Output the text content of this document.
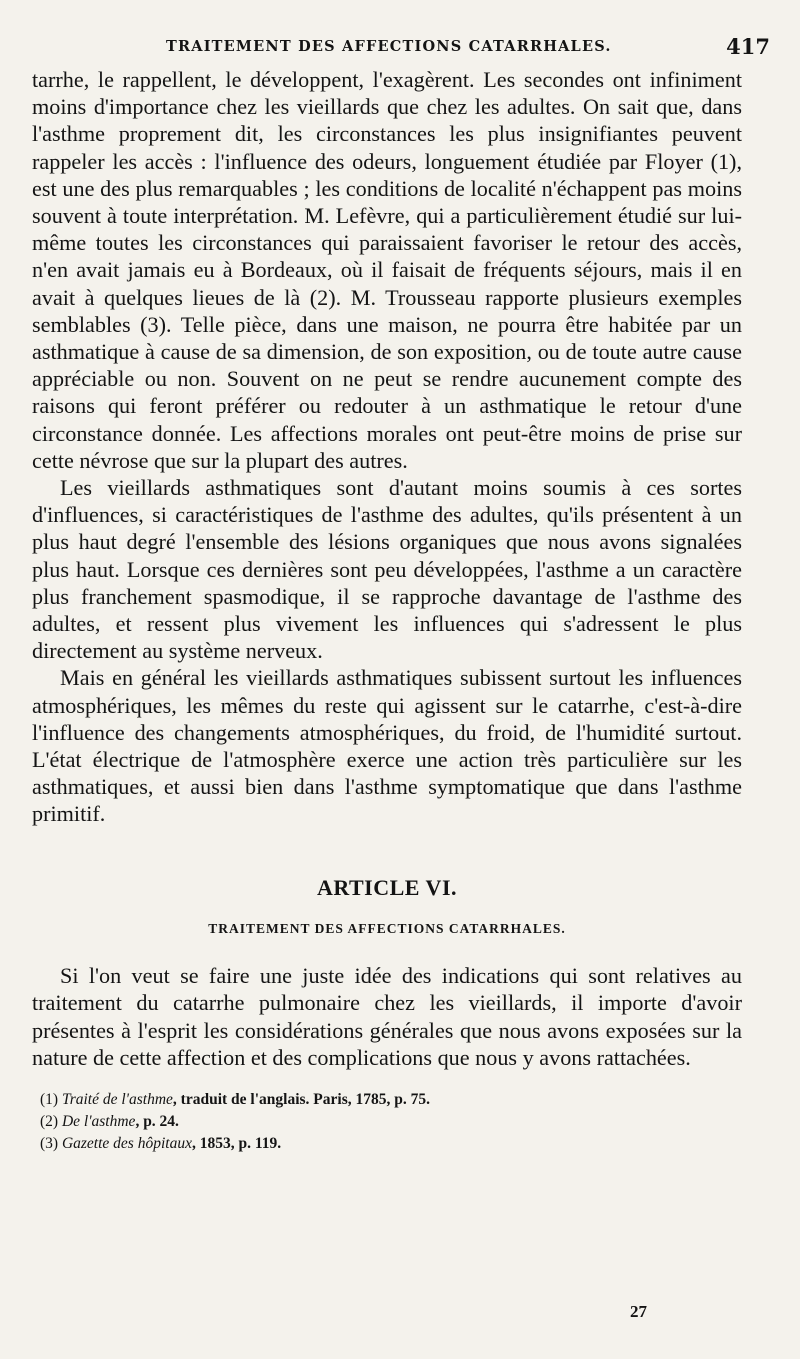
TRAITEMENT DES AFFECTIONS CATARRHALES.	417

tarrhe, le rappellent, le développent, l'exagèrent. Les secondes ont infiniment moins d'importance chez les vieillards que chez les adultes. On sait que, dans l'asthme proprement dit, les circonstances les plus insignifiantes peuvent rappeler les accès : l'influence des odeurs, longuement étudiée par Floyer (1), est une des plus remarquables ; les conditions de localité n'échappent pas moins souvent à toute interprétation. M. Lefèvre, qui a particulièrement étudié sur lui-même toutes les circonstances qui paraissaient favoriser le retour des accès, n'en avait jamais eu à Bordeaux, où il faisait de fréquents séjours, mais il en avait à quelques lieues de là (2). M. Trousseau rapporte plusieurs exemples semblables (3). Telle pièce, dans une maison, ne pourra être habitée par un asthmatique à cause de sa dimension, de son exposition, ou de toute autre cause appréciable ou non. Souvent on ne peut se rendre aucunement compte des raisons qui feront préférer ou redouter à un asthmatique le retour d'une circonstance donnée. Les affections morales ont peut-être moins de prise sur cette névrose que sur la plupart des autres.

Les vieillards asthmatiques sont d'autant moins soumis à ces sortes d'influences, si caractéristiques de l'asthme des adultes, qu'ils présentent à un plus haut degré l'ensemble des lésions organiques que nous avons signalées plus haut. Lorsque ces dernières sont peu développées, l'asthme a un caractère plus franchement spasmodique, il se rapproche davantage de l'asthme des adultes, et ressent plus vivement les influences qui s'adressent le plus directement au système nerveux.

Mais en général les vieillards asthmatiques subissent surtout les influences atmosphériques, les mêmes du reste qui agissent sur le catarrhe, c'est-à-dire l'influence des changements atmosphériques, du froid, de l'humidité surtout. L'état électrique de l'atmosphère exerce une action très particulière sur les asthmatiques, et aussi bien dans l'asthme symptomatique que dans l'asthme primitif.

ARTICLE VI.
TRAITEMENT DES AFFECTIONS CATARRHALES.

Si l'on veut se faire une juste idée des indications qui sont relatives au traitement du catarrhe pulmonaire chez les vieillards, il importe d'avoir présentes à l'esprit les considérations générales que nous avons exposées sur la nature de cette affection et des complications que nous y avons rattachées.

(1) Traité de l'asthme, traduit de l'anglais. Paris, 1785, p. 75.
(2) De l'asthme, p. 24.
(3) Gazette des hôpitaux, 1853, p. 119.
27
